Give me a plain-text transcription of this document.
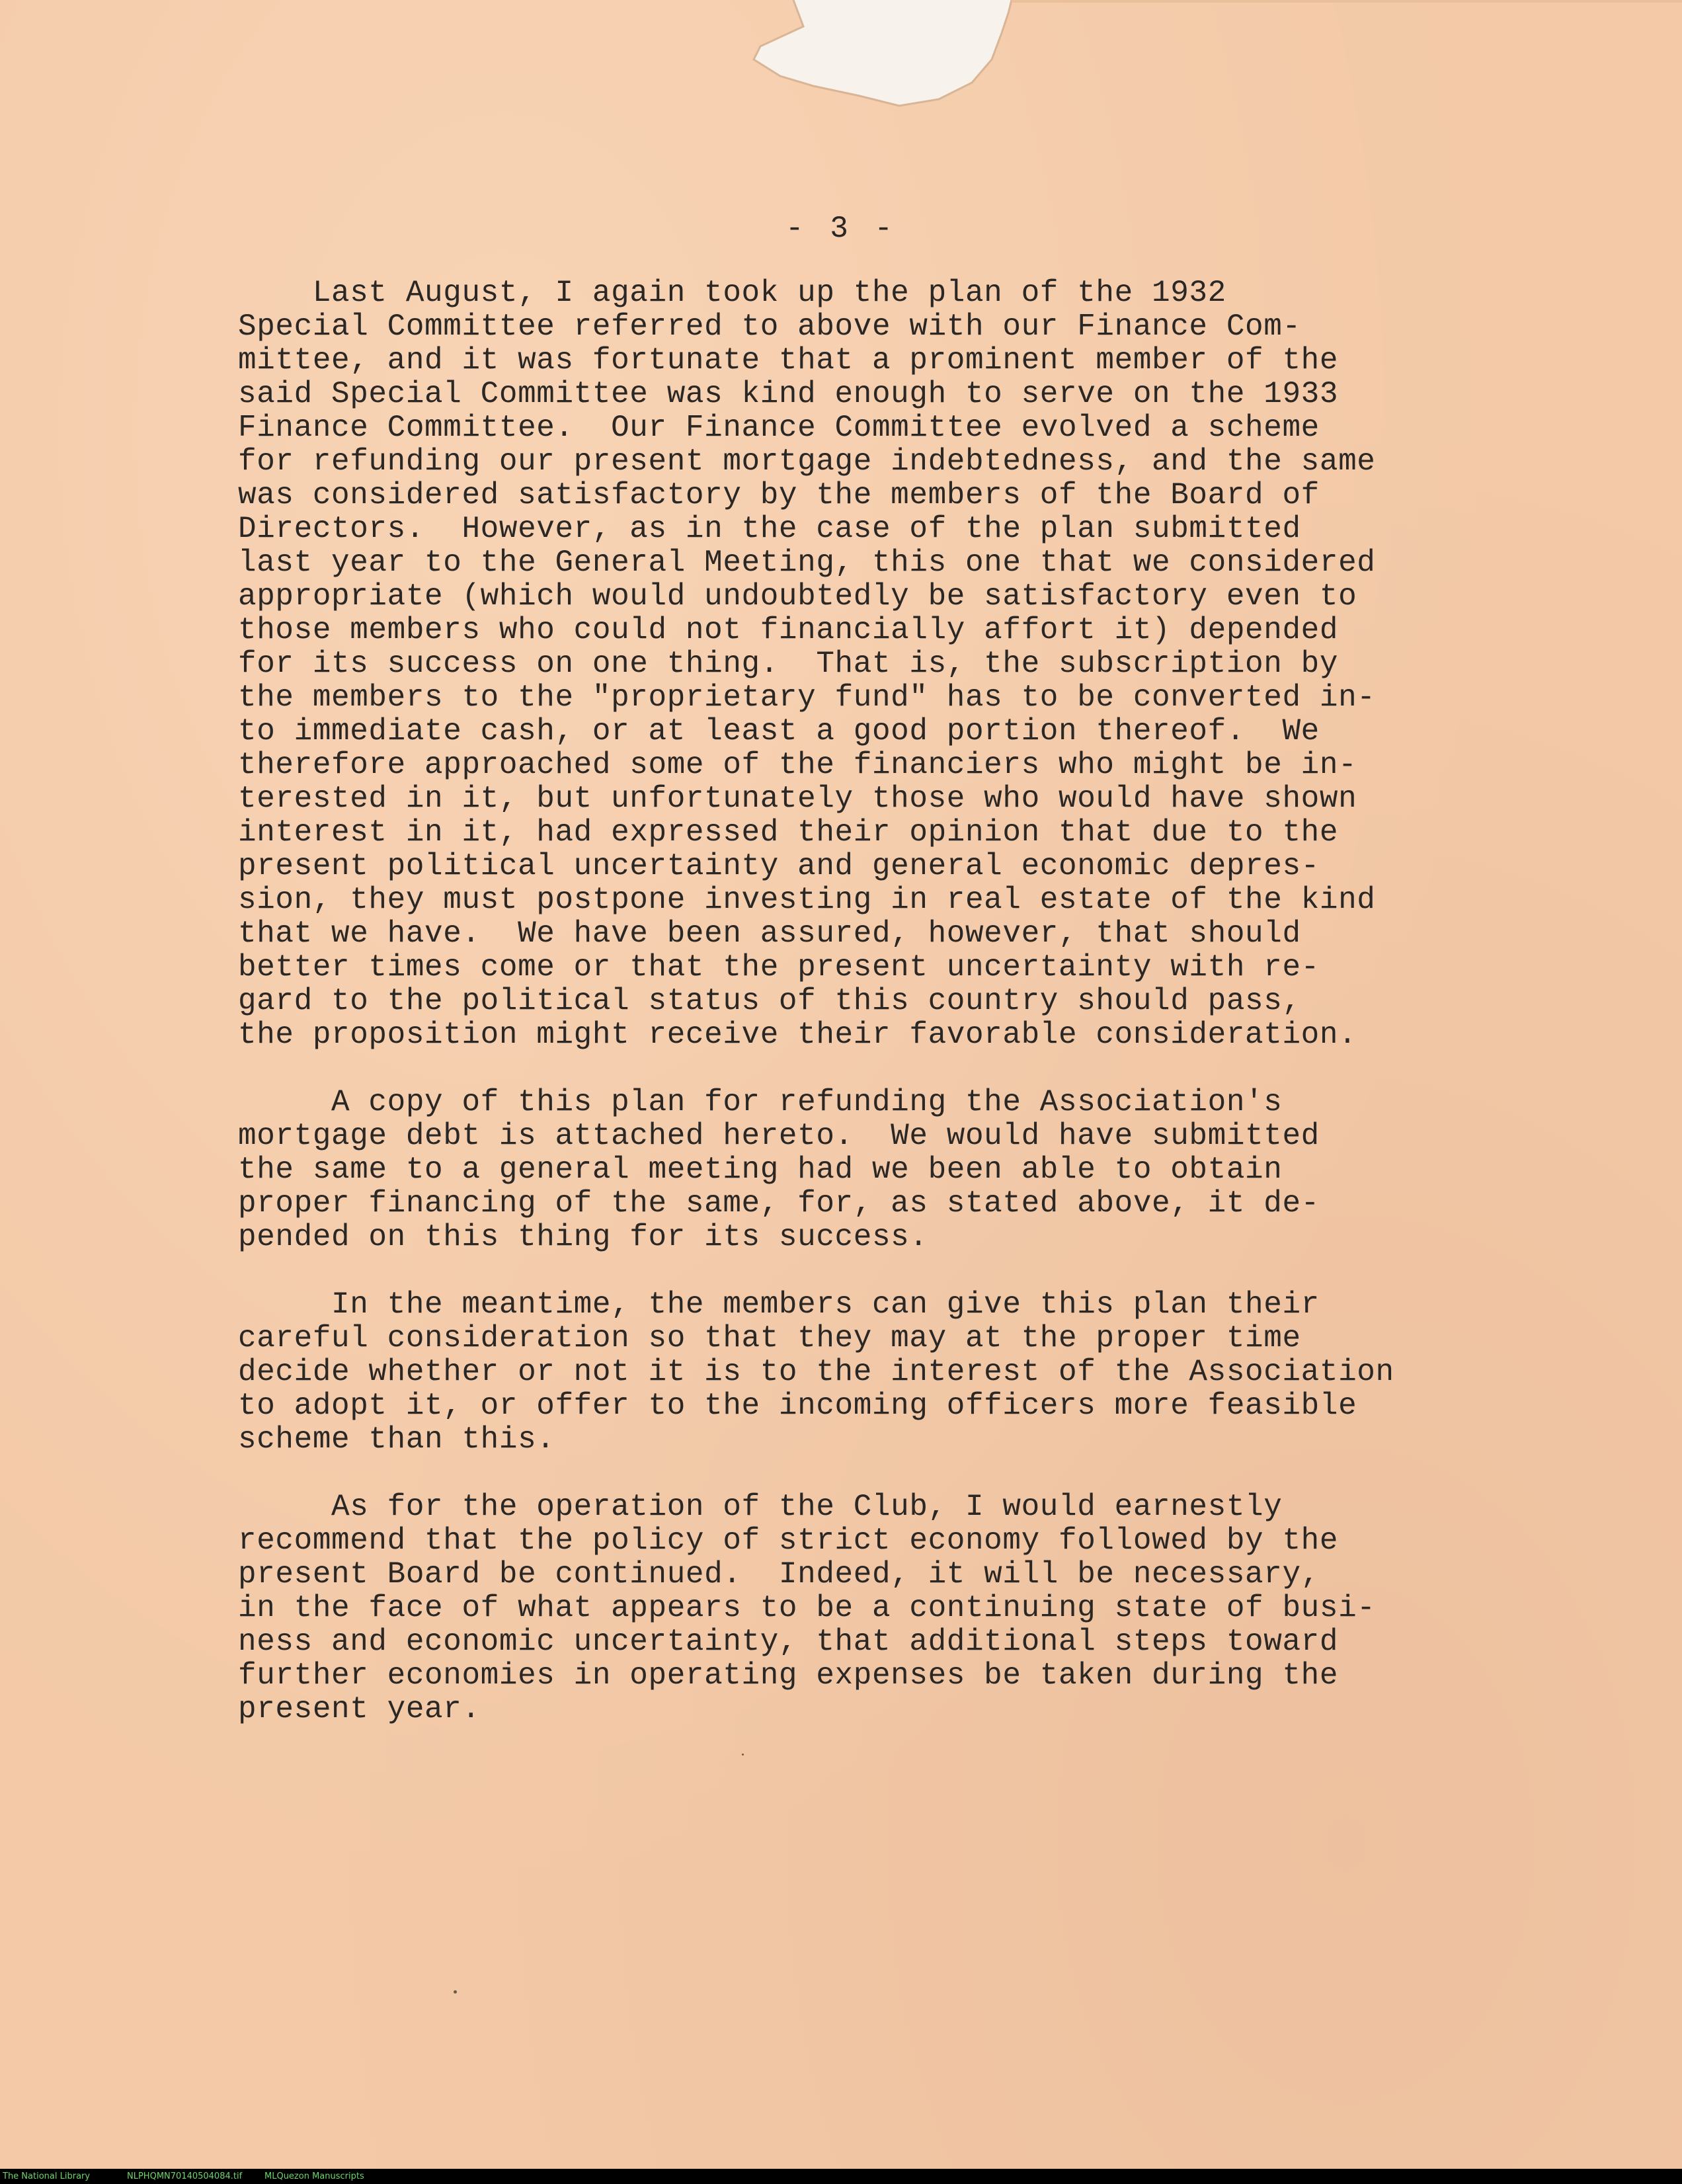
- 3 -
Last August, I again took up the plan of the 1932
Special Committee referred to above with our Finance Com-
mittee, and it was fortunate that a prominent member of the
said Special Committee was kind enough to serve on the 1933
Finance Committee.  Our Finance Committee evolved a scheme
for refunding our present mortgage indebtedness, and the same
was considered satisfactory by the members of the Board of
Directors.  However, as in the case of the plan submitted
last year to the General Meeting, this one that we considered
appropriate (which would undoubtedly be satisfactory even to
those members who could not financially affort it) depended
for its success on one thing.  That is, the subscription by
the members to the "proprietary fund" has to be converted in-
to immediate cash, or at least a good portion thereof.  We
therefore approached some of the financiers who might be in-
terested in it, but unfortunately those who would have shown
interest in it, had expressed their opinion that due to the
present political uncertainty and general economic depres-
sion, they must postpone investing in real estate of the kind
that we have.  We have been assured, however, that should
better times come or that the present uncertainty with re-
gard to the political status of this country should pass,
the proposition might receive their favorable consideration.
A copy of this plan for refunding the Association's
mortgage debt is attached hereto.  We would have submitted
the same to a general meeting had we been able to obtain
proper financing of the same, for, as stated above, it de-
pended on this thing for its success.
In the meantime, the members can give this plan their
careful consideration so that they may at the proper time
decide whether or not it is to the interest of the Association
to adopt it, or offer to the incoming officers more feasible
scheme than this.
As for the operation of the Club, I would earnestly
recommend that the policy of strict economy followed by the
present Board be continued.  Indeed, it will be necessary,
in the face of what appears to be a continuing state of busi-
ness and economic uncertainty, that additional steps toward
further economies in operating expenses be taken during the
present year.
The National Library	NLPHQMN70140504084.tif	MLQuezon Manuscripts
